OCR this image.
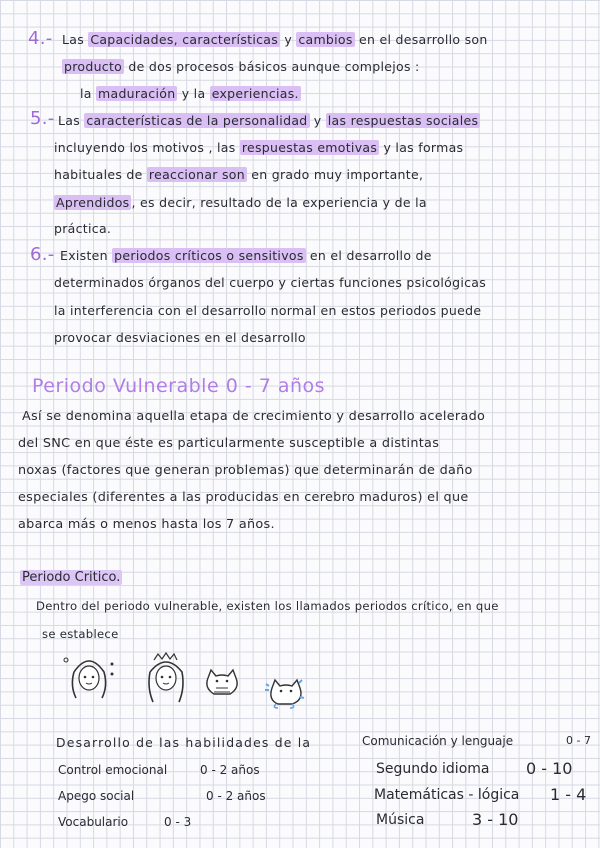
4.- Las Capacidades, características y cambios en el desarrollo son
producto de dos procesos básicos aunque complejos :
la maduración y la experiencias.
5.- Las características de la personalidad y las respuestas sociales
incluyendo los motivos , las respuestas emotivas y las formas
habituales de reaccionar son en grado muy importante,
Aprendidos , es decir, resultado de la experiencia y de la
práctica.
6.- Existen periodos críticos o sensitivos en el desarrollo de
determinados órganos del cuerpo y ciertas funciones psicológicas
la interferencia con el desarrollo normal en estos periodos puede
provocar desviaciones en el desarrollo
Periodo Vulnerable 0 - 7 años
Así se denomina aquella etapa de crecimiento y desarrollo acelerado
del SNC en que éste es particularmente susceptible a distintas
noxas (factores que generan problemas) que determinarán de daño
especiales (diferentes a las producidas en cerebro maduros) el que
abarca más o menos hasta los 7 años.
Periodo Critico.
Dentro del periodo vulnerable, existen los llamados periodos crítico, en que
se establece
Desarrollo de las habilidades de la
Control emocional	0 - 2 años
Apego social	0 - 2 años
Vocabulario	0 - 3
Comunicación y lenguaje	0 - 7
Segundo idioma 0 - 10
Matemáticas - lógica 1 - 4
Música	3 - 10
